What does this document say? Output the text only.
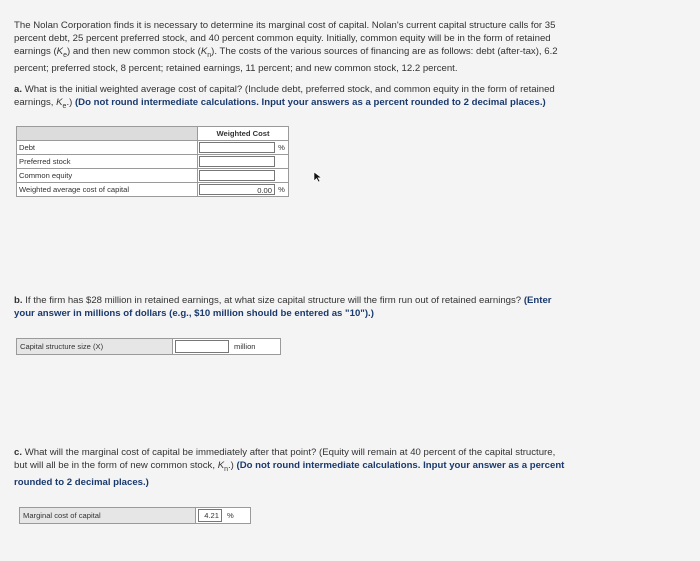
The Nolan Corporation finds it is necessary to determine its marginal cost of capital. Nolan's current capital structure calls for 35
percent debt, 25 percent preferred stock, and 40 percent common equity. Initially, common equity will be in the form of retained
earnings $(K_e)$ and then new common stock $(K_n)$. The costs of the various sources of financing are as follows: debt (after-tax), 6.2
percent; preferred stock, 8 percent; retained earnings, 11 percent; and new common stock, 12.2 percent.
a. What is the initial weighted average cost of capital? (Include debt, preferred stock, and common equity in the form of retained
earnings, $K_e$.) (Do not round intermediate calculations. Input your answers as a percent rounded to 2 decimal places.)
	Weighted Cost
Debt	%

Preferred stock	

Common equity	

Weighted average cost of capital	0.00 %
b. If the firm has $28 million in retained earnings, at what size capital structure will the firm run out of retained earnings? (Enter
your answer in millions of dollars (e.g., $10 million should be entered as "10").)
Capital structure size (X)	million
c. What will the marginal cost of capital be immediately after that point? (Equity will remain at 40 percent of the capital structure,
but will all be in the form of new common stock, $K_n$.) (Do not round intermediate calculations. Input your answer as a percent
rounded to 2 decimal places.)
Marginal cost of capital	4.21	%
